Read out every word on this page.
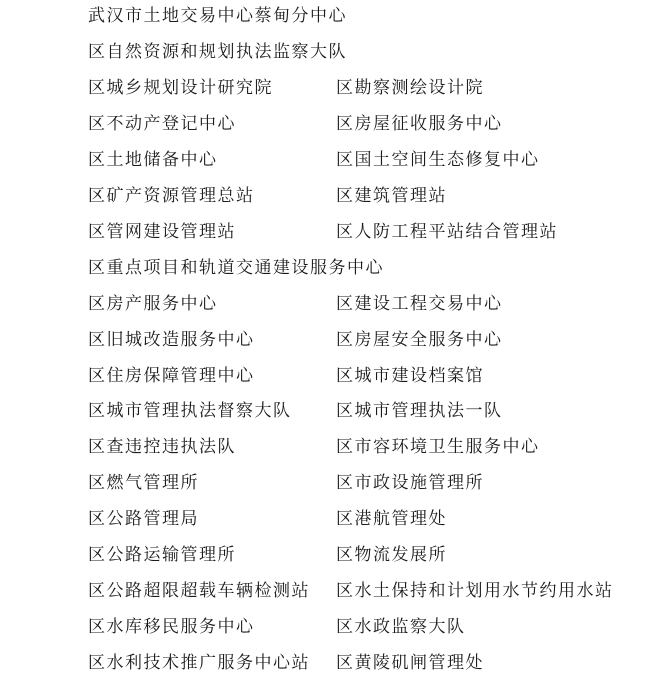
武汉市土地交易中心蔡甸分中心
区自然资源和规划执法监察大队
区城乡规划设计研究院	区勘察测绘设计院
区不动产登记中心	区房屋征收服务中心
区土地储备中心	区国土空间生态修复中心
区矿产资源管理总站	区建筑管理站
区管网建设管理站	区人防工程平站结合管理站
区重点项目和轨道交通建设服务中心
区房产服务中心	区建设工程交易中心
区旧城改造服务中心	区房屋安全服务中心
区住房保障管理中心	区城市建设档案馆
区城市管理执法督察大队	区城市管理执法一队
区查违控违执法队	区市容环境卫生服务中心
区燃气管理所	区市政设施管理所
区公路管理局	区港航管理处
区公路运输管理所	区物流发展所
区公路超限超载车辆检测站 区水土保持和计划用水节约用水站
区水库移民服务中心	区水政监察大队
区水利技术推广服务中心站 区黄陵矶闸管理处
